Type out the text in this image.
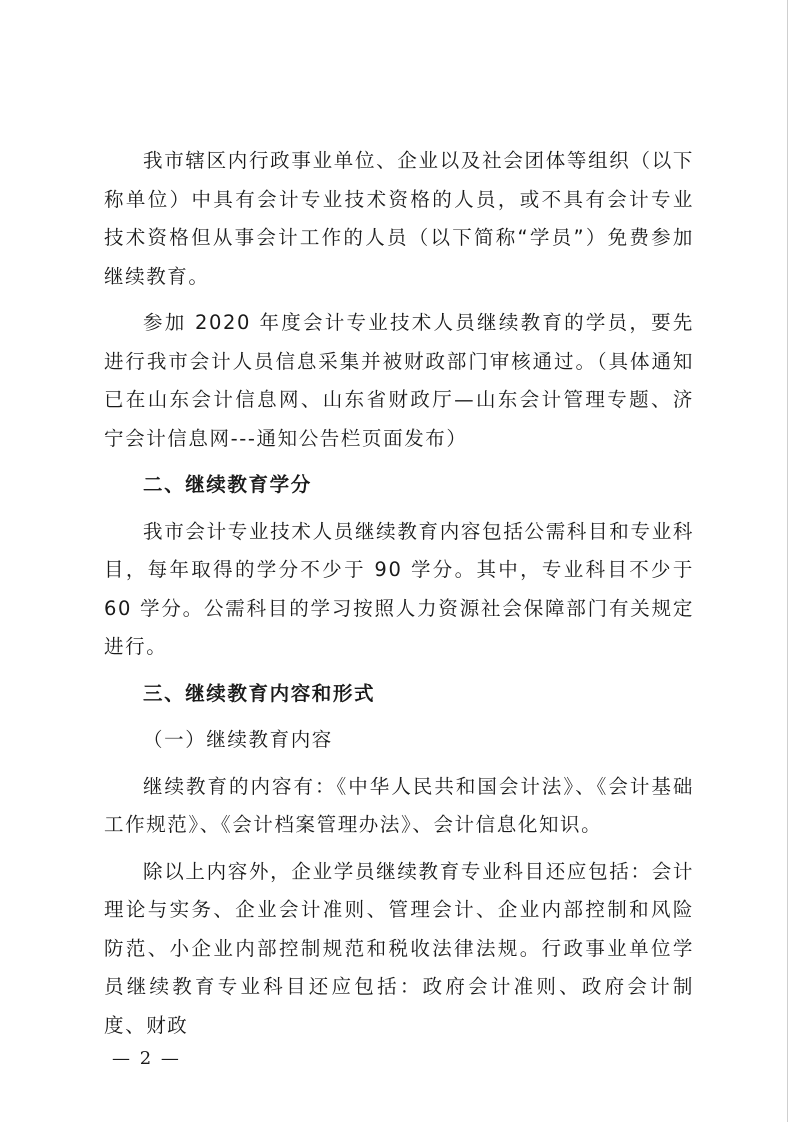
我市辖区内行政事业单位、企业以及社会团体等组织（以下称单位）中具有会计专业技术资格的人员，或不具有会计专业技术资格但从事会计工作的人员（以下简称“学员”）免费参加继续教育。

参加 2020 年度会计专业技术人员继续教育的学员，要先进行我市会计人员信息采集并被财政部门审核通过。（具体通知已在山东会计信息网、山东省财政厅—山东会计管理专题、济宁会计信息网---通知公告栏页面发布）

二、继续教育学分

我市会计专业技术人员继续教育内容包括公需科目和专业科目，每年取得的学分不少于 90 学分。其中，专业科目不少于 60 学分。公需科目的学习按照人力资源社会保障部门有关规定进行。

三、继续教育内容和形式

（一）继续教育内容

继续教育的内容有：《中华人民共和国会计法》、《会计基础工作规范》、《会计档案管理办法》、会计信息化知识。

除以上内容外，企业学员继续教育专业科目还应包括：会计理论与实务、企业会计准则、管理会计、企业内部控制和风险防范、小企业内部控制规范和税收法律法规。行政事业单位学员继续教育专业科目还应包括：政府会计准则、政府会计制度、财政

— 2 —
